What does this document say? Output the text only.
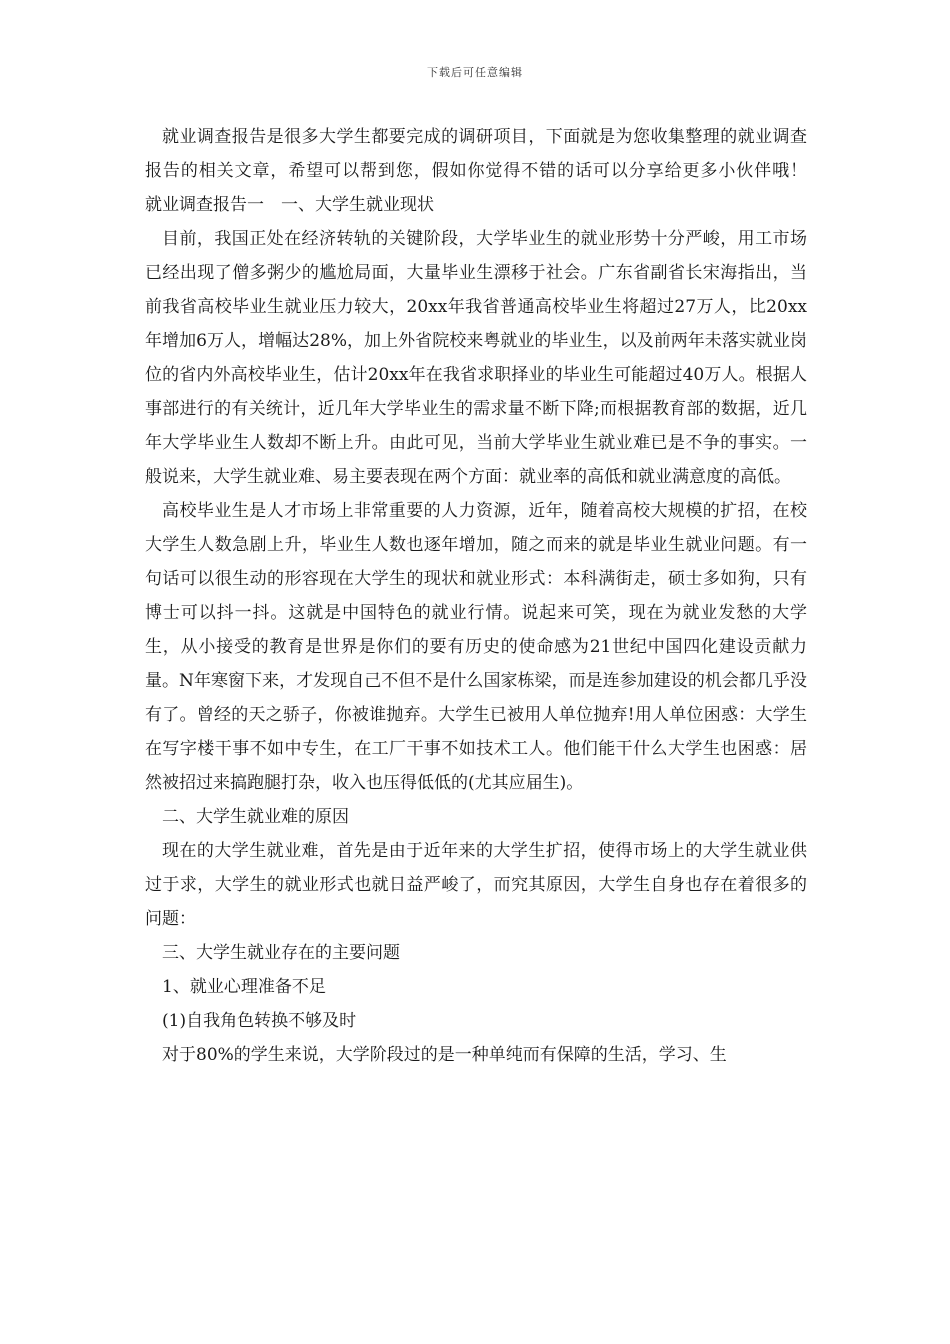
下载后可任意编辑

就业调查报告是很多大学生都要完成的调研项目，下面就是为您收集整理的就业调查报告的相关文章，希望可以帮到您，假如你觉得不错的话可以分享给更多小伙伴哦！　　　就业调查报告一　一、大学生就业现状

目前，我国正处在经济转轨的关键阶段，大学毕业生的就业形势十分严峻，用工市场已经出现了僧多粥少的尴尬局面，大量毕业生漂移于社会。广东省副省长宋海指出，当前我省高校毕业生就业压力较大，20xx年我省普通高校毕业生将超过27万人，比20xx年增加6万人，增幅达28%，加上外省院校来粤就业的毕业生，以及前两年未落实就业岗位的省内外高校毕业生，估计20xx年在我省求职择业的毕业生可能超过40万人。根据人事部进行的有关统计，近几年大学毕业生的需求量不断下降;而根据教育部的数据，近几年大学毕业生人数却不断上升。由此可见，当前大学毕业生就业难已是不争的事实。一般说来，大学生就业难、易主要表现在两个方面：就业率的高低和就业满意度的高低。

高校毕业生是人才市场上非常重要的人力资源，近年，随着高校大规模的扩招，在校大学生人数急剧上升，毕业生人数也逐年增加，随之而来的就是毕业生就业问题。有一句话可以很生动的形容现在大学生的现状和就业形式：本科满街走，硕士多如狗，只有博士可以抖一抖。这就是中国特色的就业行情。说起来可笑，现在为就业发愁的大学生，从小接受的教育是世界是你们的要有历史的使命感为21世纪中国四化建设贡献力量。N年寒窗下来，才发现自己不但不是什么国家栋梁，而是连参加建设的机会都几乎没有了。曾经的天之骄子，你被谁抛弃。大学生已被用人单位抛弃!用人单位困惑：大学生在写字楼干事不如中专生，在工厂干事不如技术工人。他们能干什么大学生也困惑：居然被招过来搞跑腿打杂，收入也压得低低的(尤其应届生)。

二、大学生就业难的原因

现在的大学生就业难，首先是由于近年来的大学生扩招，使得市场上的大学生就业供过于求，大学生的就业形式也就日益严峻了，而究其原因，大学生自身也存在着很多的问题：

三、大学生就业存在的主要问题

1、就业心理准备不足

(1)自我角色转换不够及时

对于80%的学生来说，大学阶段过的是一种单纯而有保障的生活，学习、生
